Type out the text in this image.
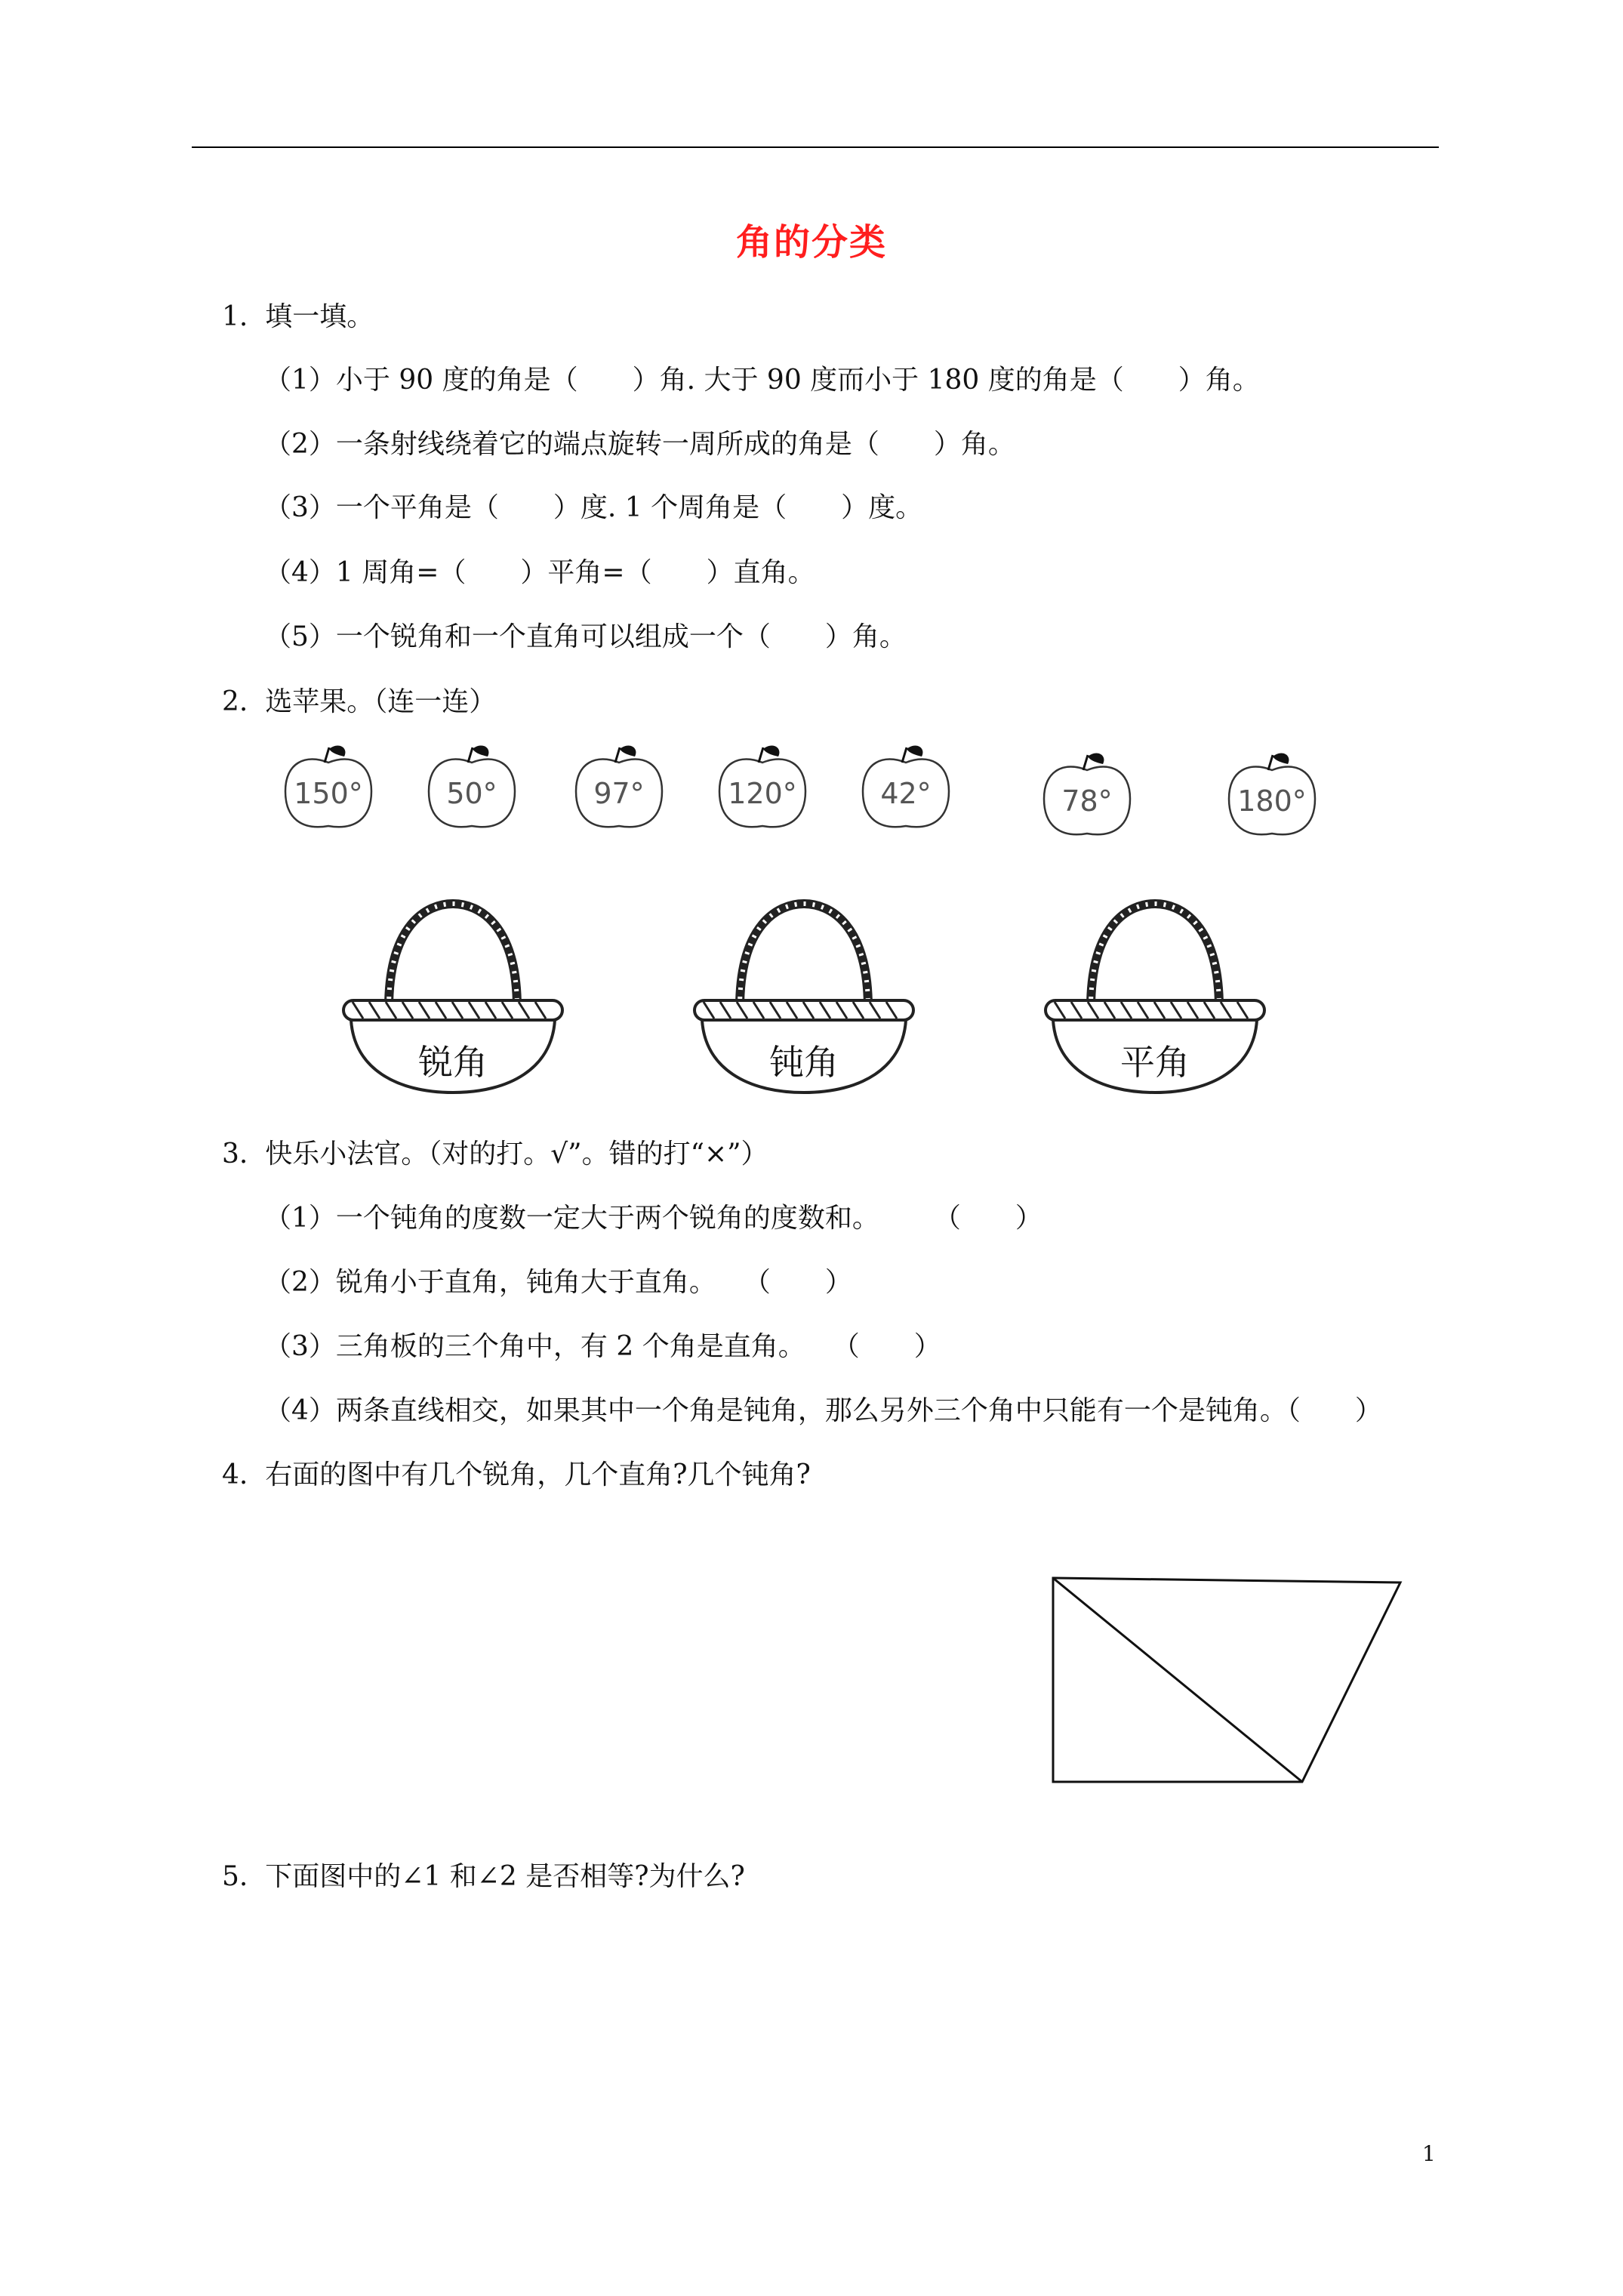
角的分类
1.  填一填。
（1）小于 90 度的角是（　　）角. 大于 90 度而小于 180 度的角是（　　）角。
（2）一条射线绕着它的端点旋转一周所成的角是（　　）角。
（3）一个平角是（　　）度. 1 个周角是（　　）度。
（4）1 周角=（　　）平角=（　　）直角。
（5）一个锐角和一个直角可以组成一个（　　）角。
2.  选苹果。（连一连）
150°	50°	97°	120°	42°	78°	180°
锐角	钝角	平角
3.  快乐小法官。（对的打。√”。错的打“×”）
（1）一个钝角的度数一定大于两个锐角的度数和。　　　（　　）
（2）锐角小于直角，钝角大于直角。　　（　　）
（3）三角板的三个角中，有 2 个角是直角。　　（　　）
（4）两条直线相交，如果其中一个角是钝角，那么另外三个角中只能有一个是钝角。（　　）
4.  右面的图中有几个锐角，几个直角?几个钝角?
5.  下面图中的∠1 和∠2 是否相等?为什么?
1
